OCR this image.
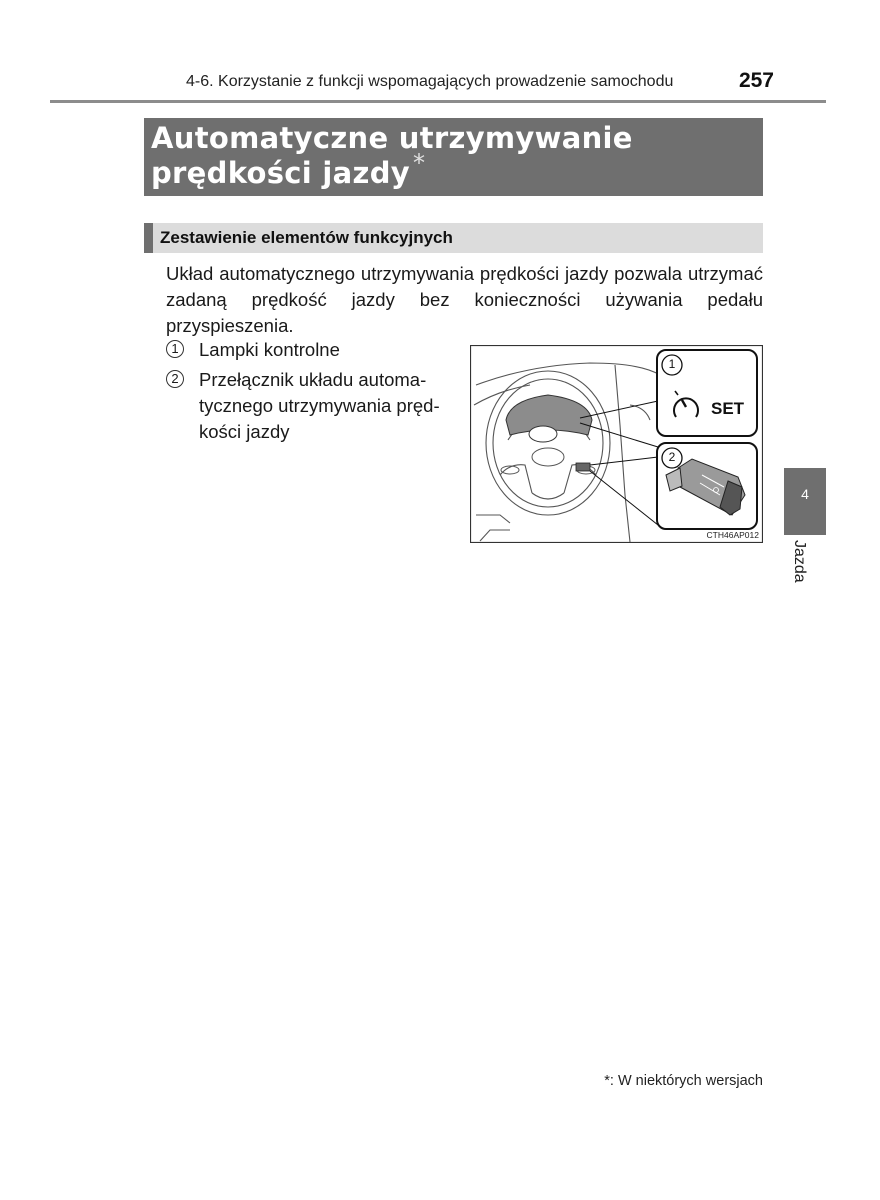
4-6. Korzystanie z funkcji wspomagających prowadzenie samochodu	257
Automatyczne utrzymywanie
prędkości jazdy *
Zestawienie elementów funkcyjnych
Układ automatycznego utrzymywania prędkości jazdy pozwala utrzymać zadaną prędkość jazdy bez konieczności używania pedału przyspieszenia.
1 Lampki kontrolne
2 Przełącznik układu automa-
tycznego utrzymywania pręd-
kości jazdy
1
2
SET
CTH46AP012
4
Jazda
*: W niektórych wersjach
